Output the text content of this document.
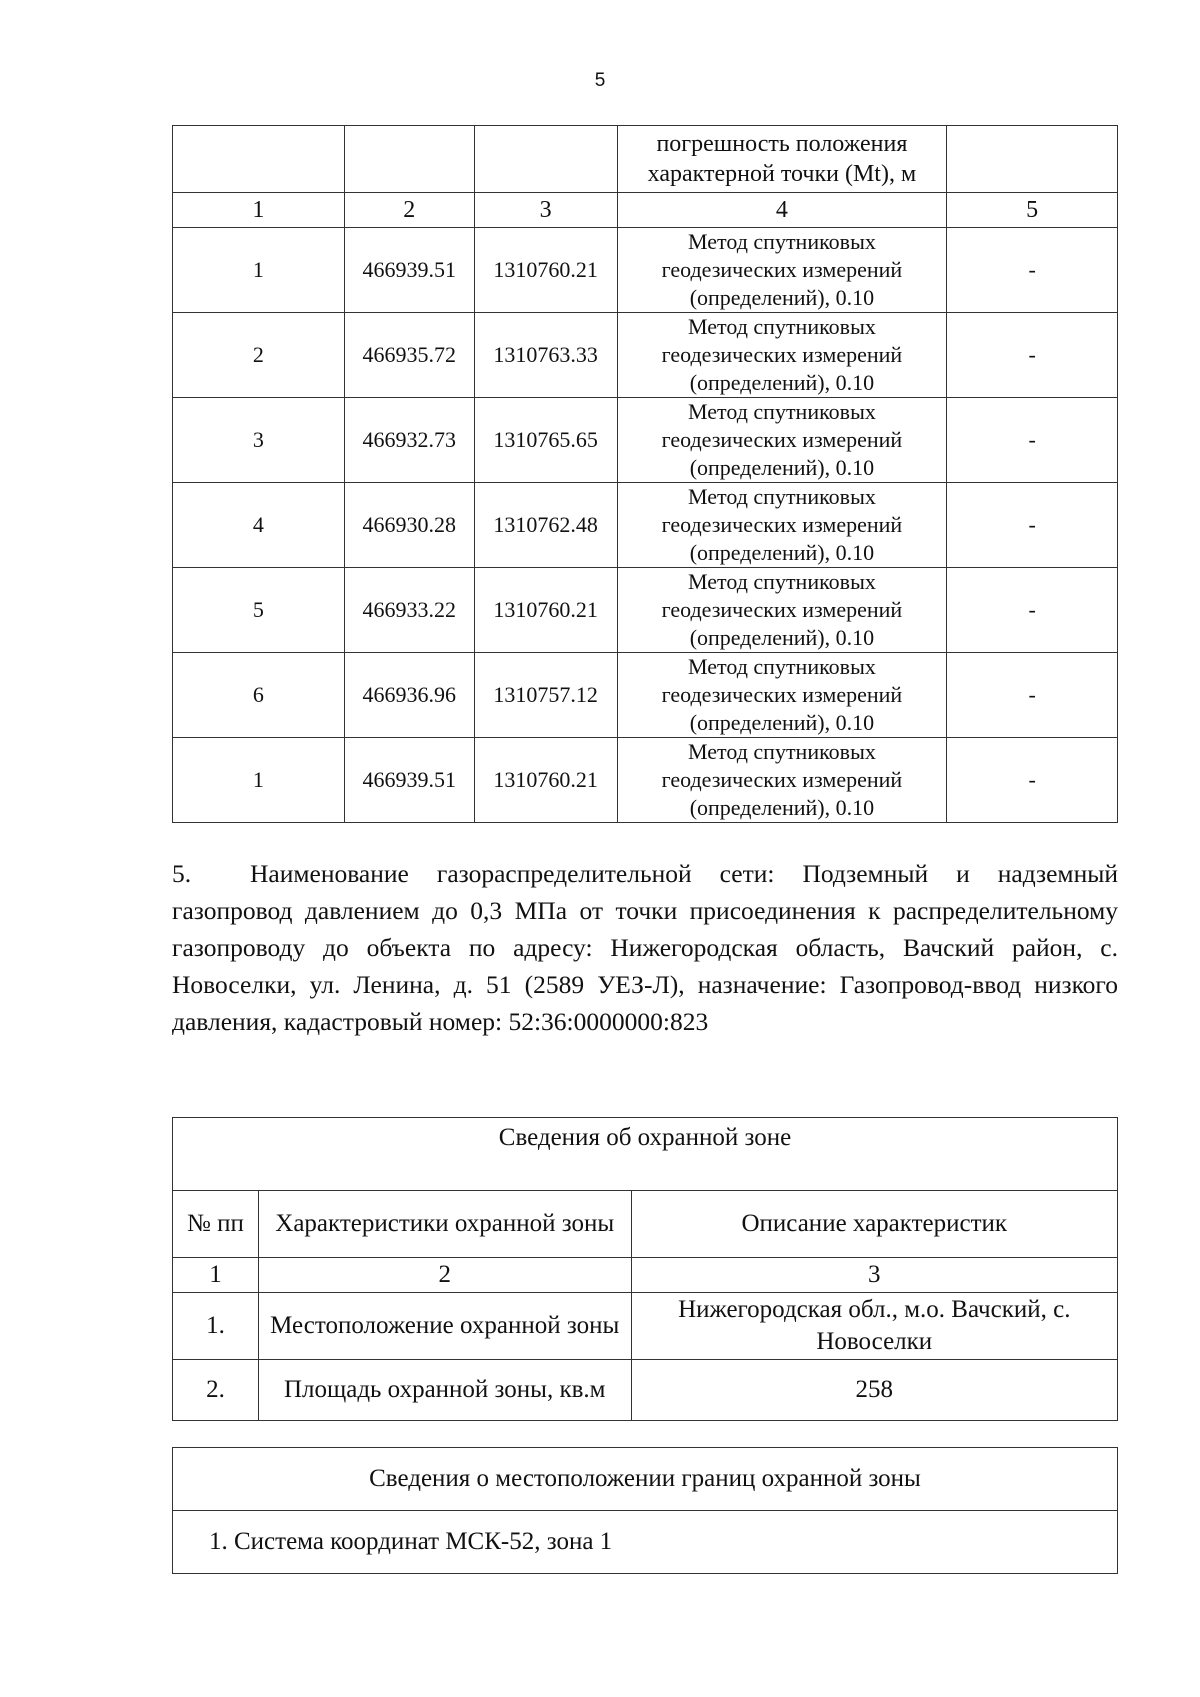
5
			погрешность положения характерной точки (Mt), м	
1	2	3	4	5
1	466939.51	1310760.21	Метод спутниковых
геодезических измерений
(определений), 0.10	-
2	466935.72	1310763.33	Метод спутниковых
геодезических измерений
(определений), 0.10	-
3	466932.73	1310765.65	Метод спутниковых
геодезических измерений
(определений), 0.10	-
4	466930.28	1310762.48	Метод спутниковых
геодезических измерений
(определений), 0.10	-
5	466933.22	1310760.21	Метод спутниковых
геодезических измерений
(определений), 0.10	-
6	466936.96	1310757.12	Метод спутниковых
геодезических измерений
(определений), 0.10	-
1	466939.51	1310760.21	Метод спутниковых
геодезических измерений
(определений), 0.10	-
5. Наименование газораспределительной сети: Подземный и надземный газопровод давлением до 0,3 МПа от точки присоединения к распределительному газопроводу до объекта по адресу: Нижегородская область, Вачский район, с. Новоселки, ул. Ленина, д. 51 (2589 УЕЗ-Л), назначение: Газопровод-ввод низкого давления, кадастровый номер: 52:36:0000000:823
Сведения об охранной зоне		
№ пп	Характеристики охранной зоны	Описание характеристик
1	2	3
1.	Местоположение охранной зоны	Нижегородская обл., м.о. Вачский, с. Новоселки
2.	Площадь охранной зоны, кв.м	258
Сведения о местоположении границ охранной зоны
1. Система координат МСК-52, зона 1
